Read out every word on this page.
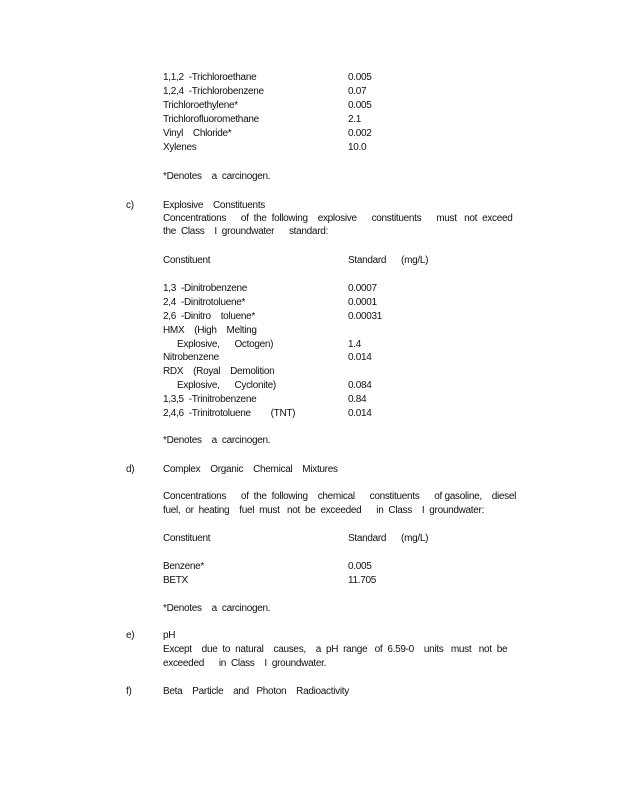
1,1,2  -Trichloroethane	0.005
1,2,4  -Trichlorobenzene	0.07
Trichloroethylene*	0.005
Trichlorofluoromethane	2.1
Vinyl    Chloride*	0.002
Xylenes	10.0
*Denotes    a  carcinogen.
c)	Explosive    Constituents
Concentrations      of  the  following    explosive      constituents      must   not  exceed
the  Class    I  groundwater      standard:
Constituent	Standard      (mg/L)
1,3  -Dinitrobenzene	0.0007
2,4  -Dinitrotoluene*	0.0001
2,6  -Dinitro    toluene*	0.00031
HMX    (High    Melting
Explosive,      Octogen)	1.4
Nitrobenzene	0.014
RDX    (Royal    Demolition
Explosive,      Cyclonite)	0.084
1,3,5  -Trinitrobenzene	0.84
2,4,6  -Trinitrotoluene        (TNT)	0.014
*Denotes    a  carcinogen.
d)	Complex    Organic    Chemical    Mixtures
Concentrations      of  the  following    chemical      constituents      of gasoline,    diesel
fuel,  or  heating    fuel  must   not  be  exceeded      in  Class    I  groundwater:
Constituent	Standard      (mg/L)
Benzene*	0.005
BETX	11.705
*Denotes    a  carcinogen.
e)	pH
Except    due  to  natural    causes,    a  pH  range   of  6.59-0    units   must   not  be
exceeded      in  Class    I  groundwater.
f)	Beta    Particle    and   Photon    Radioactivity
